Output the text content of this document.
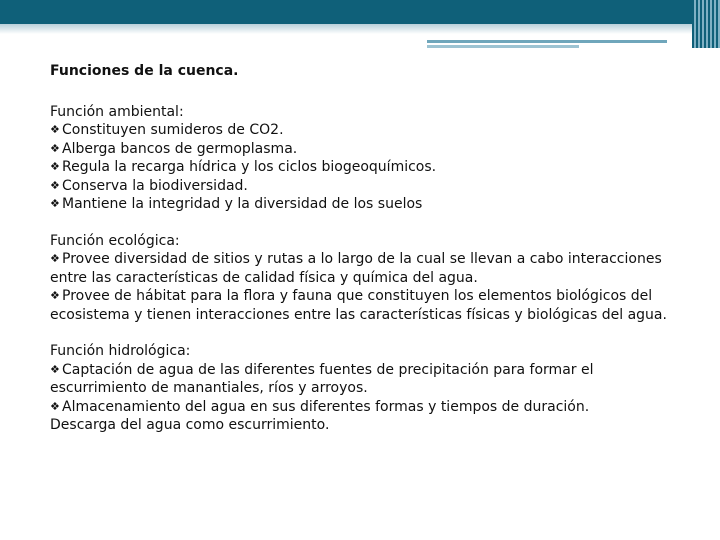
Funciones de la cuenca.
Función ambiental:
❖ Constituyen sumideros de CO2.
❖ Alberga bancos de germoplasma.
❖ Regula la recarga hídrica y los ciclos biogeoquímicos.
❖ Conserva la biodiversidad.
❖ Mantiene la integridad y la diversidad de los suelos
Función ecológica:
❖ Provee diversidad de sitios y rutas a lo largo de la cual se llevan a cabo interacciones entre las características de calidad física y química del agua.
❖ Provee de hábitat para la flora y fauna que constituyen los elementos biológicos del ecosistema y tienen interacciones entre las características físicas y biológicas del agua.
Función hidrológica:
❖ Captación de agua de las diferentes fuentes de precipitación para formar el escurrimiento de manantiales, ríos y arroyos.
❖ Almacenamiento del agua en sus diferentes formas y tiempos de duración.
Descarga del agua como escurrimiento.
